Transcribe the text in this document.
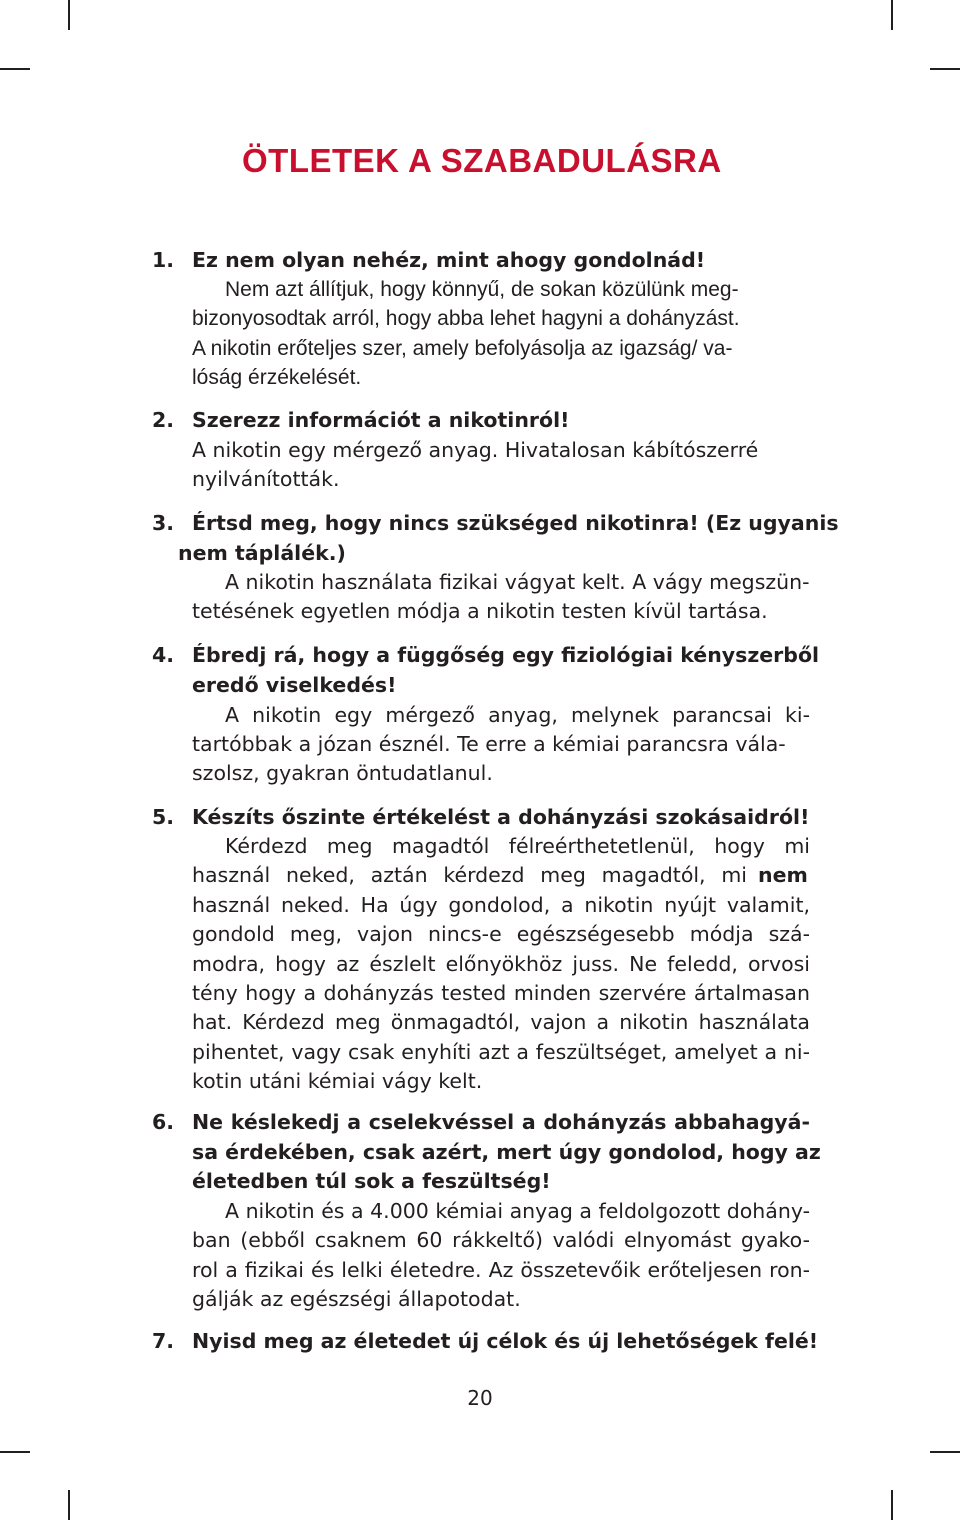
ÖTLETEK A SZABADULÁSRA
1. Ez nem olyan nehéz, mint ahogy gondolnád!
Nem azt állítjuk, hogy könnyű, de sokan közülünk meg-
bizonyosodtak arról, hogy abba lehet hagyni a dohányzást.
A nikotin erőteljes szer, amely befolyásolja az igazság/ va-
lóság érzékelését.
2. Szerezz információt a nikotinról!
A nikotin egy mérgező anyag. Hivatalosan kábítószerré
nyilvánították.
3. Értsd meg, hogy nincs szükséged nikotinra! (Ez ugyanis
nem táplálék.)
A nikotin használata fizikai vágyat kelt. A vágy megszün-
tetésének egyetlen módja a nikotin testen kívül tartása.
4. Ébredj rá, hogy a függőség egy fiziológiai kényszerből
eredő viselkedés!
A nikotin egy mérgező anyag, melynek parancsai ki-
tartóbbak a józan észnél. Te erre a kémiai parancsra vála-
szolsz, gyakran öntudatlanul.
5. Készíts őszinte értékelést a dohányzási szokásaidról!
Kérdezd meg magadtól félreérthetetlenül, hogy mi
használ neked, aztán kérdezd meg magadtól, mi nem
használ neked. Ha úgy gondolod, a nikotin nyújt valamit,
gondold meg, vajon nincs-e egészségesebb módja szá-
modra, hogy az észlelt előnyökhöz juss. Ne feledd, orvosi
tény hogy a dohányzás tested minden szervére ártalmasan
hat. Kérdezd meg önmagadtól, vajon a nikotin használata
pihentet, vagy csak enyhíti azt a feszültséget, amelyet a ni-
kotin utáni kémiai vágy kelt.
6. Ne késlekedj a cselekvéssel a dohányzás abbahagyá-
sa érdekében, csak azért, mert úgy gondolod, hogy az
életedben túl sok a feszültség!
A nikotin és a 4.000 kémiai anyag a feldolgozott dohány-
ban (ebből csaknem 60 rákkeltő) valódi elnyomást gyako-
rol a fizikai és lelki életedre. Az összetevőik erőteljesen ron-
gálják az egészségi állapotodat.
7. Nyisd meg az életedet új célok és új lehetőségek felé!
20
